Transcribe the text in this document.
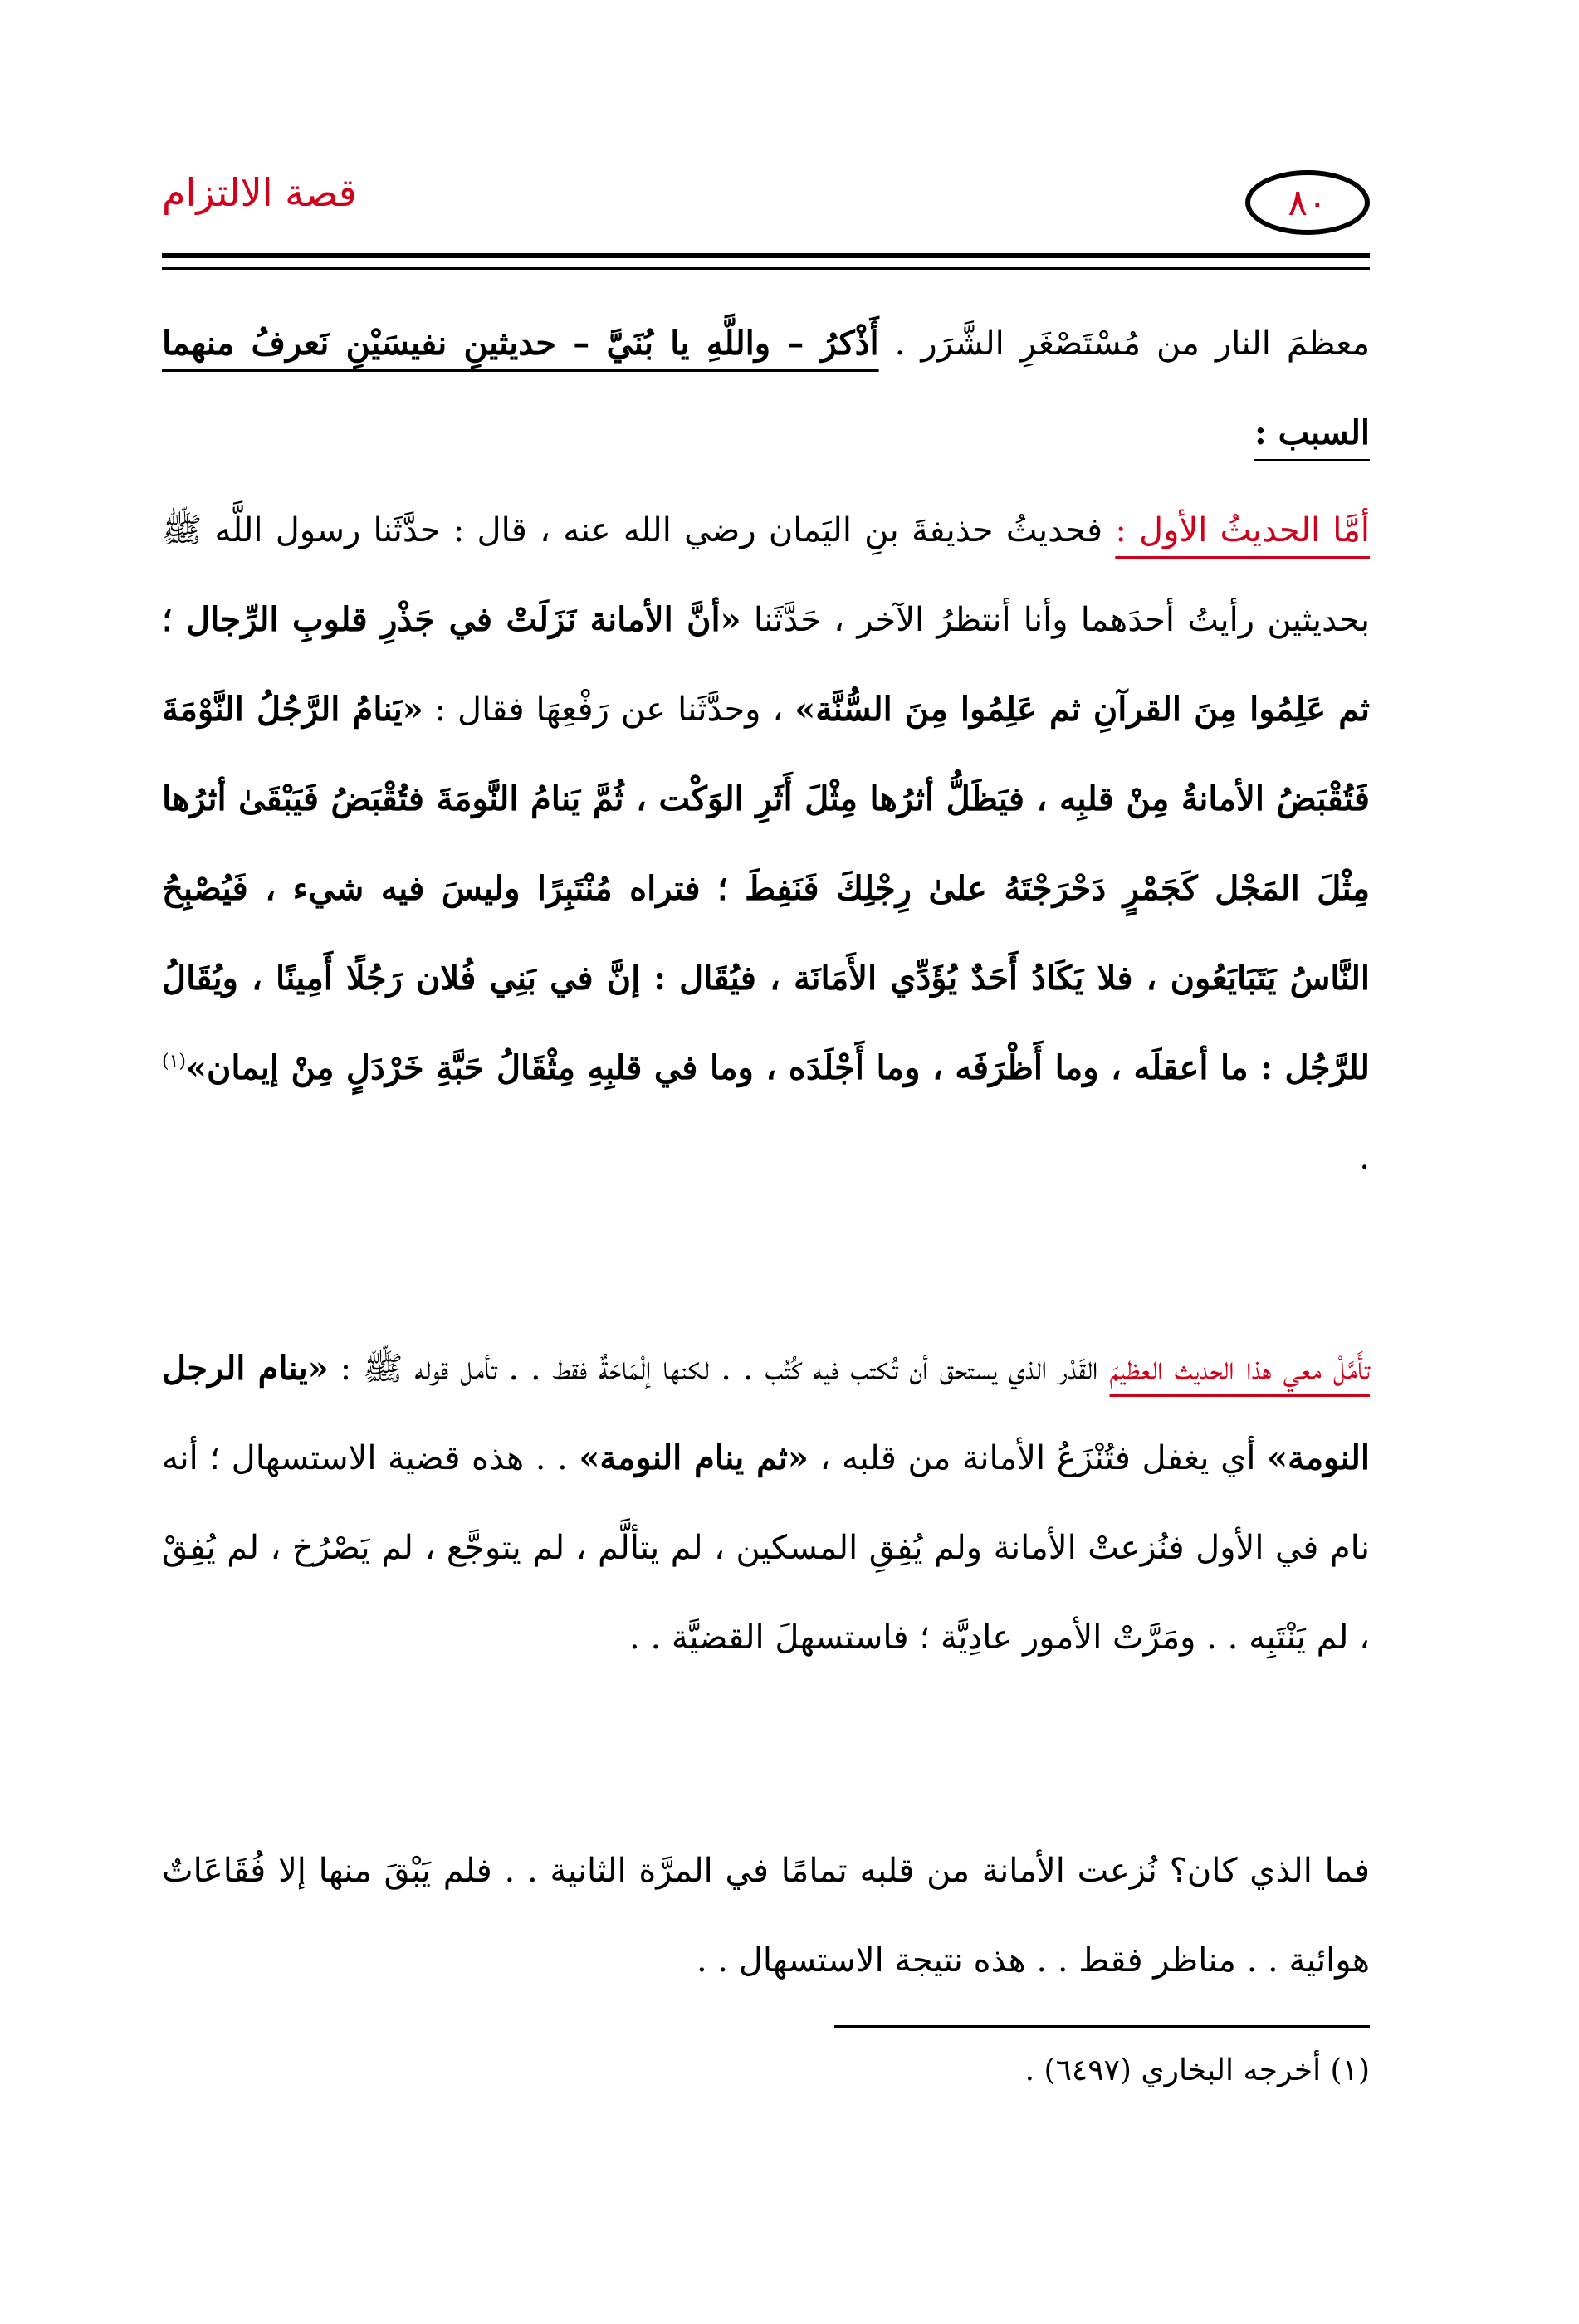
٨٠
قصة الالتزام
معظمَ النار من مُسْتَصْغَرِ الشَّرَر . أَذْكرُ – واللَّهِ يا بُنَيَّ – حديثينِ نفيسَيْنِ نَعرفُ منهما السبب :
أمَّا الحديثُ الأول : فحديثُ حذيفةَ بنِ اليَمان رضي الله عنه ، قال : حدَّثَنا رسول اللَّه ﷺ بحديثين رأيتُ أحدَهما وأنا أنتظرُ الآخر ، حَدَّثَنا «أنَّ الأمانة نَزَلَتْ في جَذْرِ قلوبِ الرِّجال ؛ ثم عَلِمُوا مِنَ القرآنِ ثم عَلِمُوا مِنَ السُّنَّة» ، وحدَّثَنا عن رَفْعِهَا فقال : «يَنامُ الرَّجُلُ النَّوْمَةَ فَتُقْبَضُ الأمانةُ مِنْ قلبِه ، فيَظَلُّ أثرُها مِثْلَ أَثَرِ الوَكْت ، ثُمَّ يَنامُ النَّومَةَ فتُقْبَضُ فَيَبْقَىٰ أثرُها مِثْلَ المَجْل كَجَمْرٍ دَحْرَجْتَهُ علىٰ رِجْلِكَ فَنَفِطَ ؛ فتراه مُنْتَبِرًا وليسَ فيه شيء ، فَيُصْبِحُ النَّاسُ يَتَبَايَعُون ، فلا يَكَادُ أَحَدٌ يُؤَدِّي الأَمَانَة ، فيُقَال : إنَّ في بَنِي فُلان رَجُلًا أَمِينًا ، ويُقَالُ للرَّجُل : ما أعقلَه ، وما أَظْرَفَه ، وما أَجْلَدَه ، وما في قلبِهِ مِثْقَالُ حَبَّةِ خَرْدَلٍ مِنْ إيمان»$^{(١)}$ .
تأَمَّلْ معي هذا الحديث العظيمَ القَدْر الذي يستحق أن تُكتب فيه كُتُب . . لكنها إلْمَاحَةٌ فقط . . تأمل قوله ﷺ : «ينام الرجل النومة» أي يغفل فتُنْزَعُ الأمانة من قلبه ، «ثم ينام النومة» . . هذه قضية الاستسهال ؛ أنه نام في الأول فنُزعتْ الأمانة ولم يُفِقِ المسكين ، لم يتألَّم ، لم يتوجَّع ، لم يَصْرُخ ، لم يُفِقْ ، لم يَنْتَبِه . . ومَرَّتْ الأمور عادِيَّة ؛ فاستسهلَ القضيَّة . .
فما الذي كان؟ نُزعت الأمانة من قلبه تمامًا في المرَّة الثانية . . فلم يَبْقَ منها إلا فُقَاعَاتٌ هوائية . . مناظر فقط . . هذه نتيجة الاستسهال . .
(١) أخرجه البخاري (٦٤٩٧) .
